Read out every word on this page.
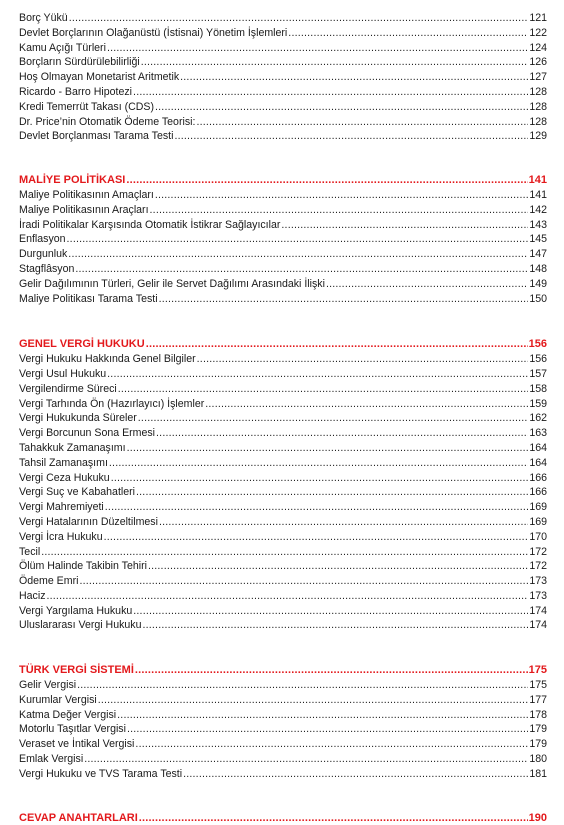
Borç Yükü .....	121
Devlet Borçlarının Olağanüstü (İstisnai) Yönetim İşlemleri .....	122
Kamu Açığı Türleri .....	124
Borçların Sürdürülebilirliği .....	126
Hoş Olmayan Monetarist Aritmetik .....	127
Ricardo - Barro Hipotezi .....	128
Kredi Temerrüt Takası (CDS) .....	128
Dr. Price’nin Otomatik Ödeme Teorisi: .....	128
Devlet Borçlanması Tarama Testi .....	129
MALİYE POLİTİKASI .....	141
Maliye Politikasının Amaçları .....	141
Maliye Politikasının Araçları .....	142
İradi Politikalar Karşısında Otomatik İstikrar Sağlayıcılar .....	143
Enflasyon .....	145
Durgunluk .....	147
Stagflâsyon .....	148
Gelir Dağılımının Türleri, Gelir ile Servet Dağılımı Arasındaki İlişki .....	149
Maliye Politikası Tarama Testi .....	150
GENEL VERGİ HUKUKU .....	156
Vergi Hukuku Hakkında Genel Bilgiler .....	156
Vergi Usul Hukuku .....	157
Vergilendirme Süreci .....	158
Vergi Tarhında Ön (Hazırlayıcı) İşlemler .....	159
Vergi Hukukunda Süreler .....	162
Vergi Borcunun Sona Ermesi .....	163
Tahakkuk Zamanaşımı .....	164
Tahsil Zamanaşımı .....	164
Vergi Ceza Hukuku .....	166
Vergi Suç ve Kabahatleri .....	166
Vergi Mahremiyeti .....	169
Vergi Hatalarının Düzeltilmesi .....	169
Vergi İcra Hukuku .....	170
Tecil .....	172
Ölüm Halinde Takibin Tehiri .....	172
Ödeme Emri .....	173
Haciz .....	173
Vergi Yargılama Hukuku .....	174
Uluslararası Vergi Hukuku .....	174
TÜRK VERGİ SİSTEMİ .....	175
Gelir Vergisi .....	175
Kurumlar Vergisi .....	177
Katma Değer Vergisi .....	178
Motorlu Taşıtlar Vergisi .....	179
Veraset ve İntikal Vergisi .....	179
Emlak Vergisi .....	180
Vergi Hukuku ve TVS Tarama Testi .....	181
CEVAP ANAHTARLARI .....	190
